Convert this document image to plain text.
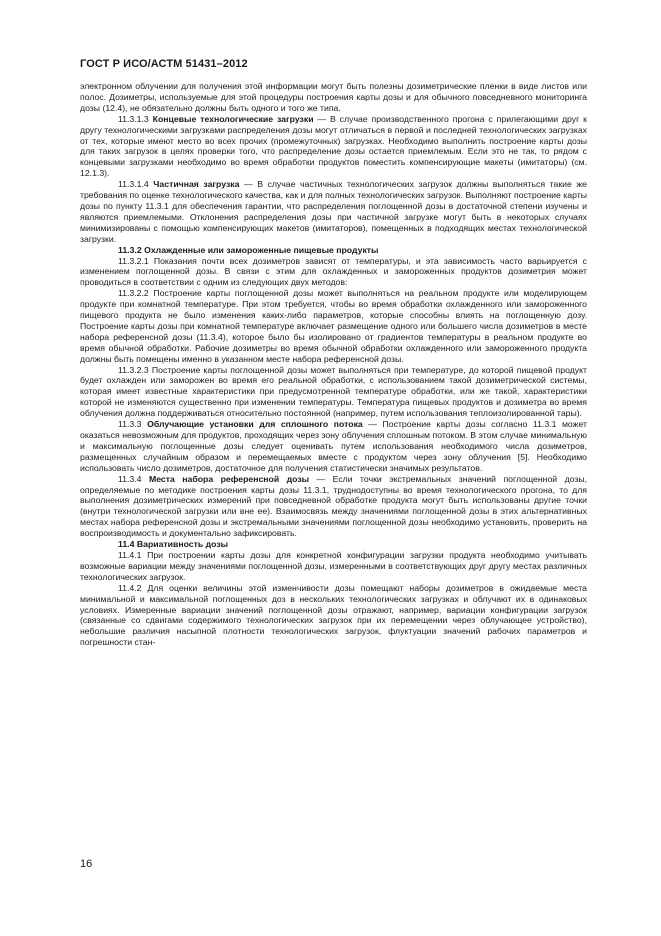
ГОСТ Р ИСО/АСТМ 51431–2012

электронном облучении для получения этой информации могут быть полезны дозиметрические пленки в виде листов или полос. Дозиметры, используемые для этой процедуры построения карты дозы и для обычного повседневного мониторинга дозы (12.4), не обязательно должны быть одного и того же типа.

11.3.1.3 Концевые технологические загрузки — В случае производственного прогона с прилегающими друг к другу технологическими загрузками распределения дозы могут отличаться в первой и последней технологических загрузках от тех, которые имеют место во всех прочих (промежуточных) загрузках. Необходимо выполнить построение карты дозы для таких загрузок в целях проверки того, что распределение дозы остается приемлемым. Если это не так, то рядом с концевыми загрузками необходимо во время обработки продуктов поместить компенсирующие макеты (имитаторы) (см. 12.1.3).

11.3.1.4 Частичная загрузка — В случае частичных технологических загрузок должны выполняться такие же требования по оценке технологического качества, как и для полных технологических загрузок. Выполняют построение карты дозы по пункту 11.3.1 для обеспечения гарантии, что распределения поглощенной дозы в достаточной степени изучены и являются приемлемыми. Отклонения распределения дозы при частичной загрузке могут быть в некоторых случаях минимизированы с помощью компенсирующих макетов (имитаторов), помещенных в подходящих местах технологической загрузки.

11.3.2 Охлажденные или замороженные пищевые продукты

11.3.2.1 Показания почти всех дозиметров зависят от температуры, и эта зависимость часто варьируется с изменением поглощенной дозы. В связи с этим для охлажденных и замороженных продуктов дозиметрия может проводиться в соответствии с одним из следующих двух методов:

11.3.2.2 Построение карты поглощенной дозы может выполняться на реальном продукте или моделирующем продукте при комнатной температуре. При этом требуется, чтобы во время обработки охлажденного или замороженного пищевого продукта не было изменения каких-либо параметров, которые способны влиять на поглощенную дозу. Построение карты дозы при комнатной температуре включает размещение одного или большего числа дозиметров в месте набора референсной дозы (11.3.4), которое было бы изолировано от градиентов температуры в реальном продукте во время обычной обработки. Рабочие дозиметры во время обычной обработки охлажденного или замороженного продукта должны быть помещены именно в указанном месте набора референсной дозы.

11.3.2.3 Построение карты поглощенной дозы может выполняться при температуре, до которой пищевой продукт будет охлажден или заморожен во время его реальной обработки, с использованием такой дозиметрической системы, которая имеет известные характеристики при предусмотренной температуре обработки, или же такой, характеристики которой не изменяются существенно при изменении температуры. Температура пищевых продуктов и дозиметра во время облучения должна поддерживаться относительно постоянной (например, путем использования теплоизолированной тары).

11.3.3 Облучающие установки для сплошного потока — Построение карты дозы согласно 11.3.1 может оказаться невозможным для продуктов, проходящих через зону облучения сплошным потоком. В этом случае минимальную и максимальную поглощенные дозы следует оценивать путем использования необходимого числа дозиметров, размещенных случайным образом и перемещаемых вместе с продуктом через зону облучения [5]. Необходимо использовать число дозиметров, достаточное для получения статистически значимых результатов.

11.3.4 Места набора референсной дозы — Если точки экстремальных значений поглощенной дозы, определяемые по методике построения карты дозы 11.3.1, труднодоступны во время технологического прогона, то для выполнения дозиметрических измерений при повседневной обработке продукта могут быть использованы другие точки (внутри технологической загрузки или вне ее). Взаимосвязь между значениями поглощенной дозы в этих альтернативных местах набора референсной дозы и экстремальными значениями поглощенной дозы необходимо установить, проверить на воспроизводимость и документально зафиксировать.

11.4 Вариативность дозы

11.4.1 При построении карты дозы для конкретной конфигурации загрузки продукта необходимо учитывать возможные вариации между значениями поглощенной дозы, измеренными в соответствующих друг другу местах различных технологических загрузок.

11.4.2 Для оценки величины этой изменчивости дозы помещают наборы дозиметров в ожидаемые места минимальной и максимальной поглощенных доз в нескольких технологических загрузках и облучают их в одинаковых условиях. Измеренные вариации значений поглощенной дозы отражают, например, вариации конфигурации загрузок (связанные со сдвигами содержимого технологических загрузок при их перемещении через облучающее устройство), небольшие различия насыпной плотности технологических загрузок, флуктуации значений рабочих параметров и погрешности стан-

16
